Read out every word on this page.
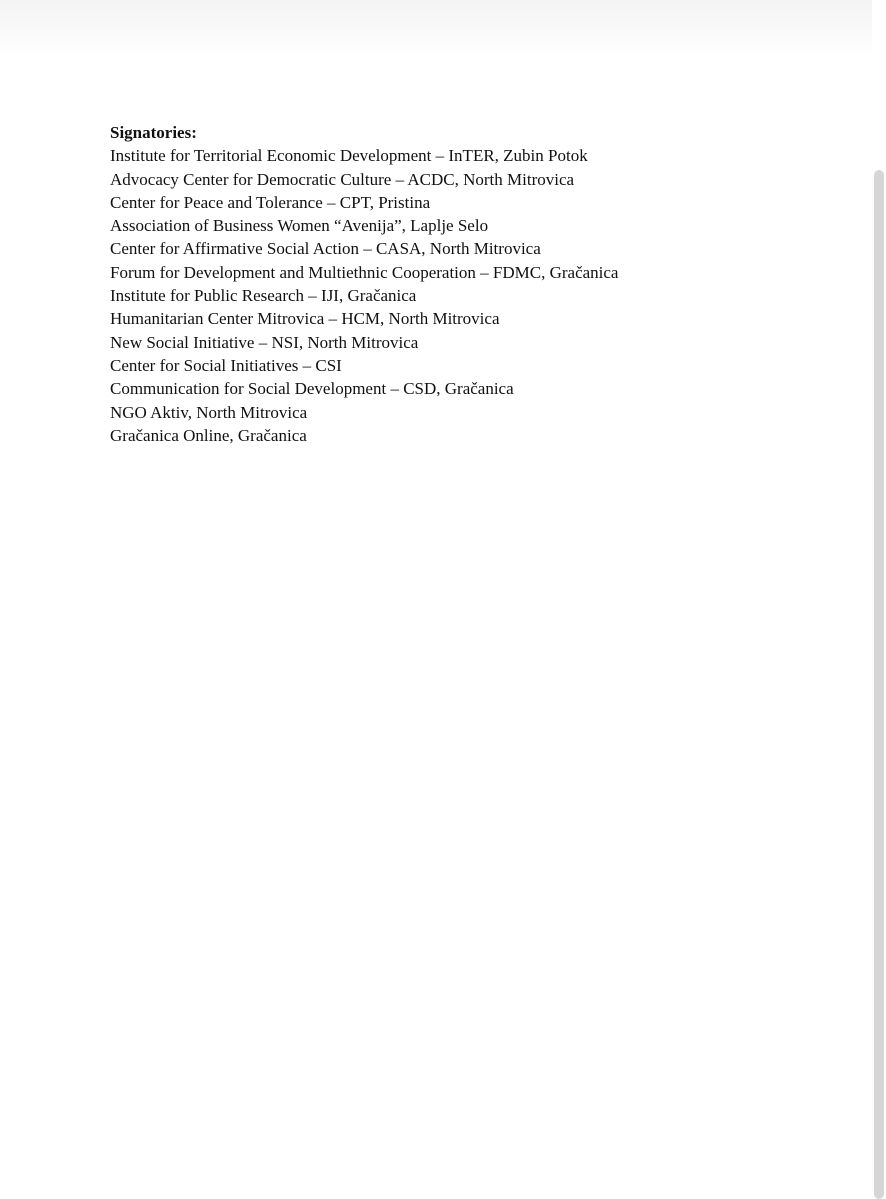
Signatories:
Institute for Territorial Economic Development – InTER, Zubin Potok
Advocacy Center for Democratic Culture – ACDC, North Mitrovica
Center for Peace and Tolerance – CPT, Pristina
Association of Business Women “Avenija”, Laplje Selo
Center for Affirmative Social Action – CASA, North Mitrovica
Forum for Development and Multiethnic Cooperation – FDMC, Gračanica
Institute for Public Research – IJI, Gračanica
Humanitarian Center Mitrovica – HCM, North Mitrovica
New Social Initiative – NSI, North Mitrovica
Center for Social Initiatives – CSI
Communication for Social Development – CSD, Gračanica
NGO Aktiv, North Mitrovica
Gračanica Online, Gračanica
